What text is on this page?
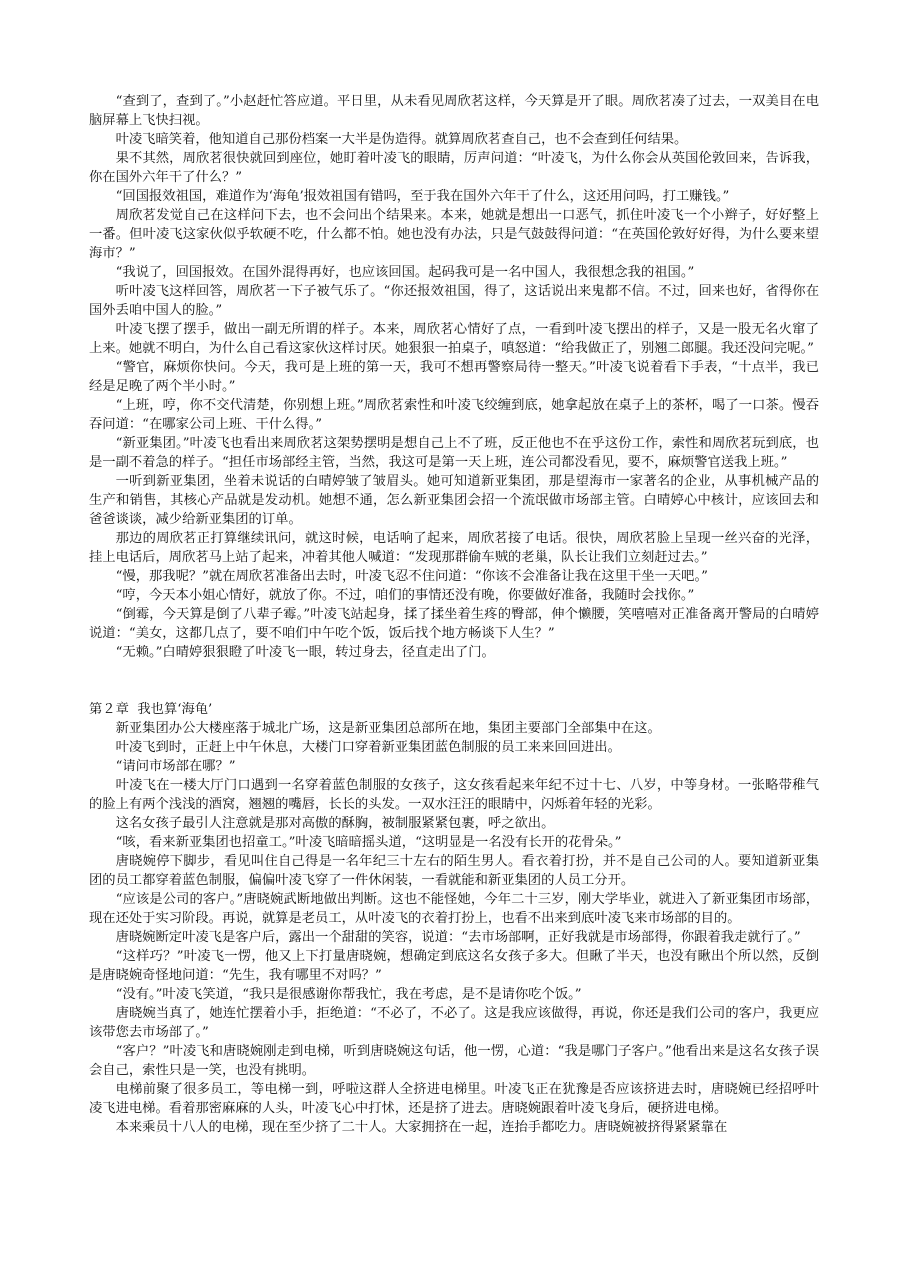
“查到了，查到了。”小赵赶忙答应道。平日里，从未看见周欣茗这样，今天算是开了眼。周欣茗凑了过去，一双美目在电脑屏幕上飞快扫视。

叶凌飞暗笑着，他知道自己那份档案一大半是伪造得。就算周欣茗查自己，也不会查到任何结果。

果不其然，周欣茗很快就回到座位，她盯着叶凌飞的眼睛，厉声问道：“叶凌飞，为什么你会从英国伦敦回来，告诉我，你在国外六年干了什么？”

“回国报效祖国，难道作为‘海龟’报效祖国有错吗，至于我在国外六年干了什么，这还用问吗，打工赚钱。”

周欣茗发觉自己在这样问下去，也不会问出个结果来。本来，她就是想出一口恶气，抓住叶凌飞一个小辫子，好好整上一番。但叶凌飞这家伙似乎软硬不吃，什么都不怕。她也没有办法，只是气鼓鼓得问道：“在英国伦敦好好得，为什么要来望海市？”

“我说了，回国报效。在国外混得再好，也应该回国。起码我可是一名中国人，我很想念我的祖国。”

听叶凌飞这样回答，周欣茗一下子被气乐了。“你还报效祖国，得了，这话说出来鬼都不信。不过，回来也好，省得你在国外丢咱中国人的脸。”

叶凌飞摆了摆手，做出一副无所谓的样子。本来，周欣茗心情好了点，一看到叶凌飞摆出的样子，又是一股无名火窜了上来。她就不明白，为什么自己看这家伙这样讨厌。她狠狠一拍桌子，嗔怒道：“给我做正了，别翘二郎腿。我还没问完呢。”

“警官，麻烦你快问。今天，我可是上班的第一天，我可不想再警察局待一整天。”叶凌飞说着看下手表，“十点半，我已经是足晚了两个半小时。”

“上班，哼，你不交代清楚，你别想上班。”周欣茗索性和叶凌飞绞缠到底，她拿起放在桌子上的茶杯，喝了一口茶。慢吞吞问道：“在哪家公司上班、干什么得。”

“新亚集团。”叶凌飞也看出来周欣茗这架势摆明是想自己上不了班，反正他也不在乎这份工作，索性和周欣茗玩到底，也是一副不着急的样子。“担任市场部经主管，当然，我这可是第一天上班，连公司都没看见，要不，麻烦警官送我上班。”

一听到新亚集团，坐着未说话的白晴婷皱了皱眉头。她可知道新亚集团，那是望海市一家著名的企业，从事机械产品的生产和销售，其核心产品就是发动机。她想不通，怎么新亚集团会招一个流氓做市场部主管。白晴婷心中核计，应该回去和爸爸谈谈，减少给新亚集团的订单。

那边的周欣茗正打算继续讯问，就这时候，电话响了起来，周欣茗接了电话。很快，周欣茗脸上呈现一丝兴奋的光泽，挂上电话后，周欣茗马上站了起来，冲着其他人喊道：“发现那群偷车贼的老巢，队长让我们立刻赶过去。”

“慢，那我呢？”就在周欣茗准备出去时，叶凌飞忍不住问道：“你该不会准备让我在这里干坐一天吧。”

“哼，今天本小姐心情好，就放了你。不过，咱们的事情还没有晚，你要做好准备，我随时会找你。”

“倒霉，今天算是倒了八辈子霉。”叶凌飞站起身，揉了揉坐着生疼的臀部，伸个懒腰，笑嘻嘻对正准备离开警局的白晴婷说道：“美女，这都几点了，要不咱们中午吃个饭，饭后找个地方畅谈下人生？”

“无赖。”白晴婷狠狠瞪了叶凌飞一眼，转过身去，径直走出了门。

第２章  我也算‘海龟’

新亚集团办公大楼座落于城北广场，这是新亚集团总部所在地，集团主要部门全部集中在这。

叶凌飞到时，正赶上中午休息，大楼门口穿着新亚集团蓝色制服的员工来来回回进出。

“请问市场部在哪？”

叶凌飞在一楼大厅门口遇到一名穿着蓝色制服的女孩子，这女孩看起来年纪不过十七、八岁，中等身材。一张略带稚气的脸上有两个浅浅的酒窝，翘翘的嘴唇，长长的头发。一双水汪汪的眼睛中，闪烁着年轻的光彩。

这名女孩子最引人注意就是那对高傲的酥胸，被制服紧紧包裹，呼之欲出。

“咳，看来新亚集团也招童工。”叶凌飞暗暗摇头道，“这明显是一名没有长开的花骨朵。”

唐晓婉停下脚步，看见叫住自己得是一名年纪三十左右的陌生男人。看衣着打扮，并不是自己公司的人。要知道新亚集团的员工都穿着蓝色制服，偏偏叶凌飞穿了一件休闲装，一看就能和新亚集团的人员工分开。

“应该是公司的客户。”唐晓婉武断地做出判断。这也不能怪她，今年二十三岁，刚大学毕业，就进入了新亚集团市场部，现在还处于实习阶段。再说，就算是老员工，从叶凌飞的衣着打扮上，也看不出来到底叶凌飞来市场部的目的。

唐晓婉断定叶凌飞是客户后，露出一个甜甜的笑容，说道：“去市场部啊，正好我就是市场部得，你跟着我走就行了。”

“这样巧？”叶凌飞一愣，他又上下打量唐晓婉，想确定到底这名女孩子多大。但瞅了半天，也没有瞅出个所以然，反倒是唐晓婉奇怪地问道：“先生，我有哪里不对吗？”

“没有。”叶凌飞笑道，“我只是很感谢你帮我忙，我在考虑，是不是请你吃个饭。”

唐晓婉当真了，她连忙摆着小手，拒绝道：“不必了，不必了。这是我应该做得，再说，你还是我们公司的客户，我更应该带您去市场部了。”

“客户？”叶凌飞和唐晓婉刚走到电梯，听到唐晓婉这句话，他一愣，心道：“我是哪门子客户。”他看出来是这名女孩子误会自己，索性只是一笑，也没有挑明。

电梯前聚了很多员工，等电梯一到，呼啦这群人全挤进电梯里。叶凌飞正在犹豫是否应该挤进去时，唐晓婉已经招呼叶凌飞进电梯。看着那密麻麻的人头，叶凌飞心中打怵，还是挤了进去。唐晓婉跟着叶凌飞身后，硬挤进电梯。

本来乘员十八人的电梯，现在至少挤了二十人。大家拥挤在一起，连抬手都吃力。唐晓婉被挤得紧紧靠在
